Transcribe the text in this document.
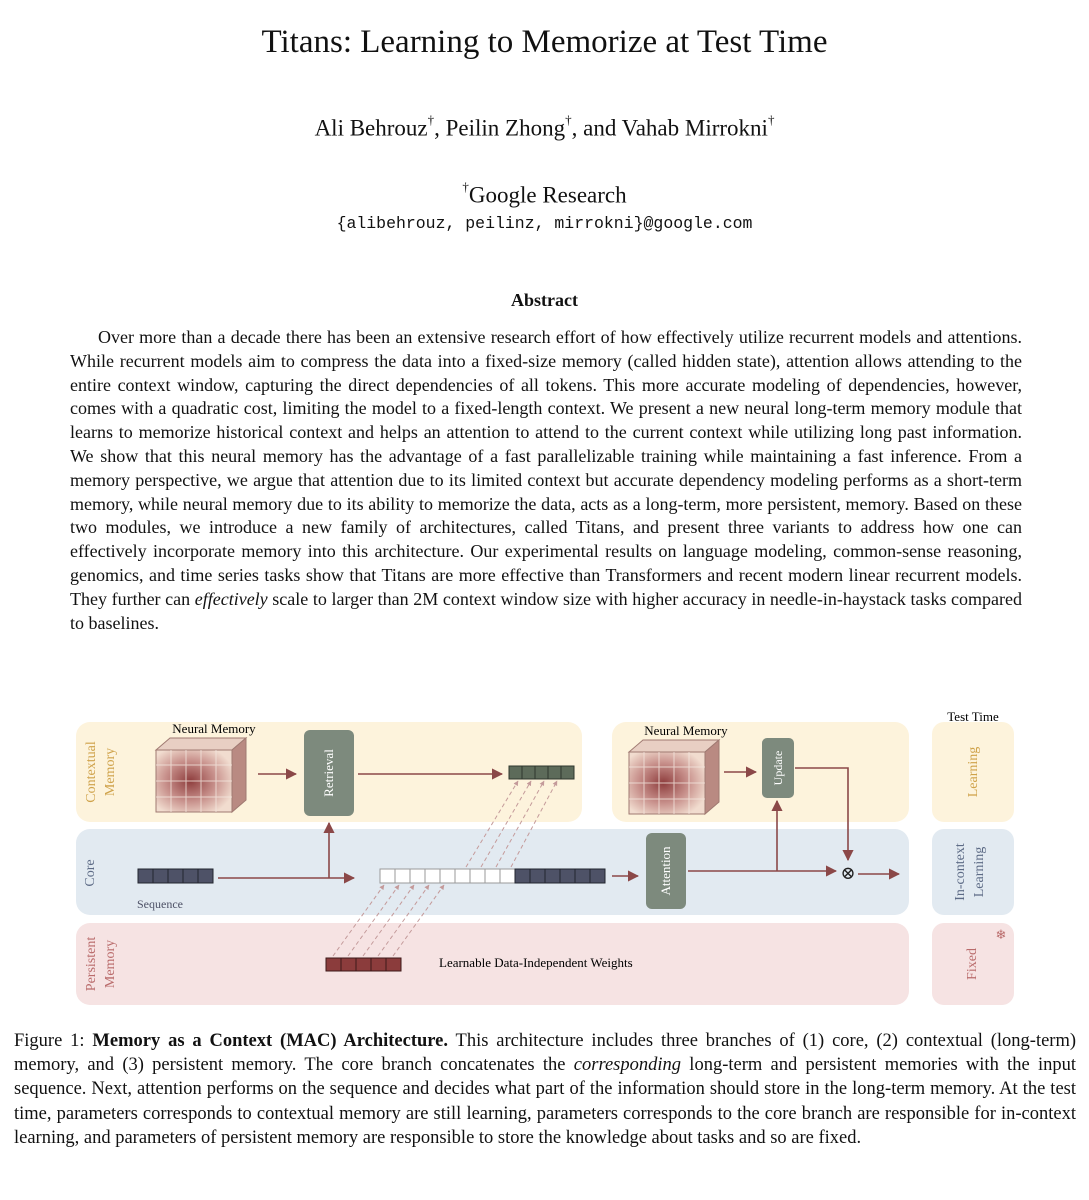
Titans: Learning to Memorize at Test Time
Ali Behrouz†, Peilin Zhong†, and Vahab Mirrokni†
†Google Research
{alibehrouz, peilinz, mirrokni}@google.com
Abstract
Over more than a decade there has been an extensive research effort of how effectively utilize recurrent models and attentions. While recurrent models aim to compress the data into a fixed-size memory (called hidden state), attention allows attending to the entire context window, capturing the direct dependencies of all tokens. This more accurate modeling of dependencies, however, comes with a quadratic cost, limiting the model to a fixed-length context. We present a new neural long-term memory module that learns to memorize historical context and helps an attention to attend to the current context while utilizing long past information. We show that this neural memory has the advantage of a fast parallelizable training while maintaining a fast inference. From a memory perspective, we argue that attention due to its limited context but accurate dependency modeling performs as a short-term memory, while neural memory due to its ability to memorize the data, acts as a long-term, more persistent, memory. Based on these two modules, we introduce a new family of architectures, called Titans, and present three variants to address how one can effectively incorporate memory into this architecture. Our experimental results on language modeling, common-sense reasoning, genomics, and time series tasks show that Titans are more effective than Transformers and recent modern linear recurrent models. They further can effectively scale to larger than 2M context window size with higher accuracy in needle-in-haystack tasks compared to baselines.
Contextual Memory
Core
Persistent Memory
Test Time
Learning
In-context Learning
Fixed
❄
Neural Memory
Retrieval
Neural Memory
Update
Sequence
Attention	⊗
Learnable Data-Independent Weights
Figure 1: Memory as a Context (MAC) Architecture. This architecture includes three branches of (1) core, (2) contextual (long-term) memory, and (3) persistent memory. The core branch concatenates the corresponding long-term and persistent memories with the input sequence. Next, attention performs on the sequence and decides what part of the information should store in the long-term memory. At the test time, parameters corresponds to contextual memory are still learning, parameters corresponds to the core branch are responsible for in-context learning, and parameters of persistent memory are responsible to store the knowledge about tasks and so are fixed.
